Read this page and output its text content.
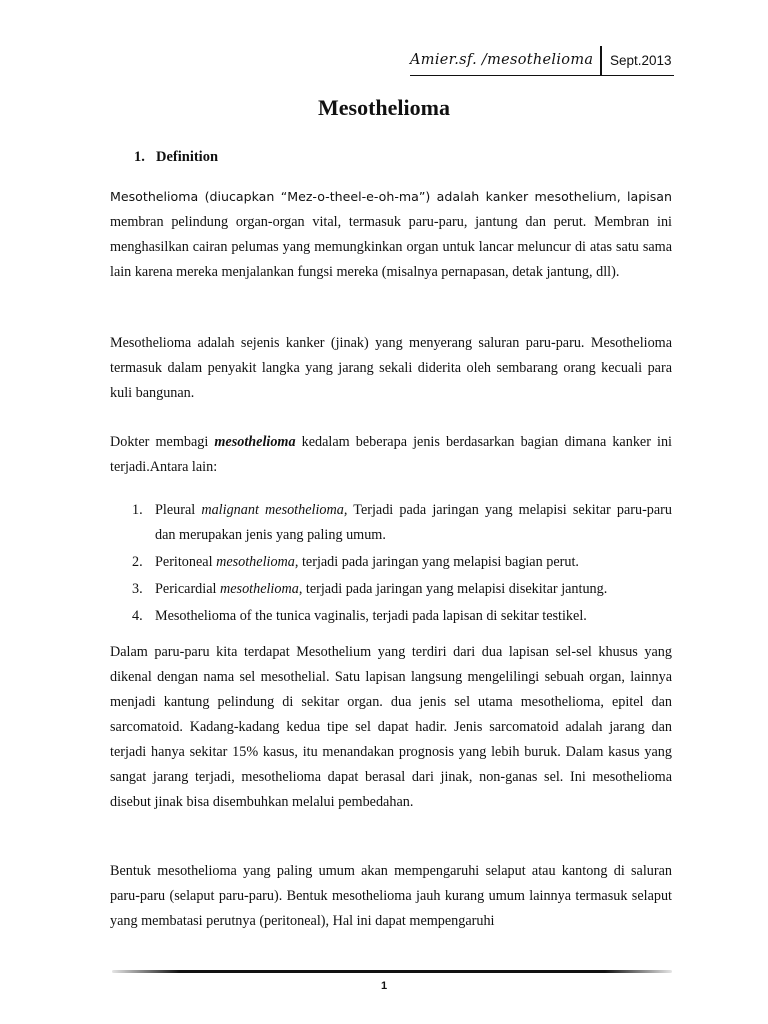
Amier.sf. /mesothelioma Sept.2013
Mesothelioma
1. Definition

Mesothelioma (diucapkan “Mez-o-theel-e-oh-ma”) adalah kanker mesothelium, lapisan membran pelindung organ-organ vital, termasuk paru-paru, jantung dan perut. Membran ini menghasilkan cairan pelumas yang memungkinkan organ untuk lancar meluncur di atas satu sama lain karena mereka menjalankan fungsi mereka (misalnya pernapasan, detak jantung, dll).

Mesothelioma adalah sejenis kanker (jinak) yang menyerang saluran paru-paru. Mesothelioma termasuk dalam penyakit langka yang jarang sekali diderita oleh sembarang orang kecuali para kuli bangunan.

Dokter membagi mesothelioma kedalam beberapa jenis berdasarkan bagian dimana kanker ini terjadi.Antara lain:

1. Pleural malignant mesothelioma, Terjadi pada jaringan yang melapisi sekitar paru-paru dan merupakan jenis yang paling umum.
2. Peritoneal mesothelioma, terjadi pada jaringan yang melapisi bagian perut.
3. Pericardial mesothelioma, terjadi pada jaringan yang melapisi disekitar jantung.
4. Mesothelioma of the tunica vaginalis, terjadi pada lapisan di sekitar testikel.

Dalam paru-paru kita terdapat Mesothelium yang terdiri dari dua lapisan sel-sel khusus yang dikenal dengan nama sel mesothelial. Satu lapisan langsung mengelilingi sebuah organ, lainnya menjadi kantung pelindung di sekitar organ. dua jenis sel utama mesothelioma, epitel dan sarcomatoid. Kadang-kadang kedua tipe sel dapat hadir. Jenis sarcomatoid adalah jarang dan terjadi hanya sekitar 15% kasus, itu menandakan prognosis yang lebih buruk. Dalam kasus yang sangat jarang terjadi, mesothelioma dapat berasal dari jinak, non-ganas sel. Ini mesothelioma disebut jinak bisa disembuhkan melalui pembedahan.

Bentuk mesothelioma yang paling umum akan mempengaruhi selaput atau kantong di saluran paru-paru (selaput paru-paru). Bentuk mesothelioma jauh kurang umum lainnya termasuk selaput yang membatasi perutnya (peritoneal), Hal ini dapat mempengaruhi

1
